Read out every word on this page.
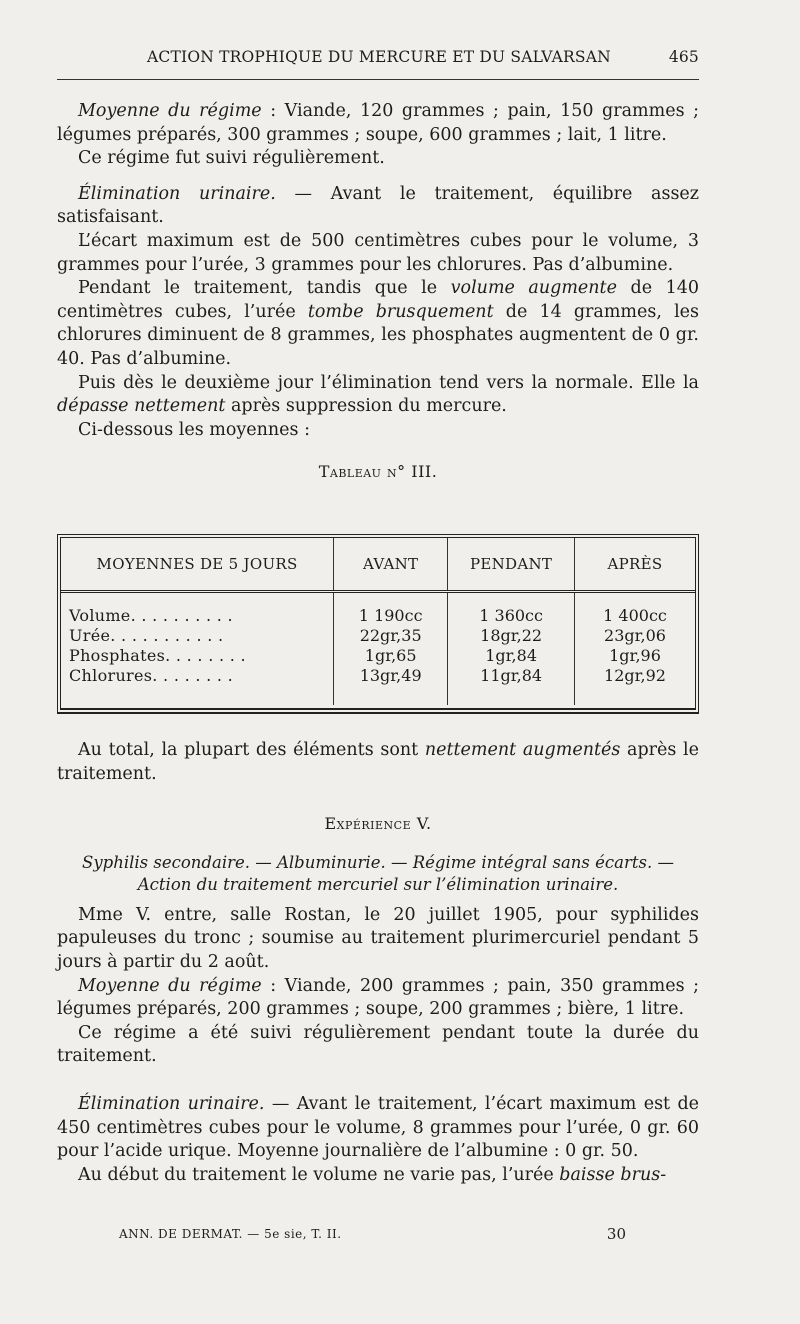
ACTION TROPHIQUE DU MERCURE ET DU SALVARSAN	465

Moyenne du régime : Viande, 120 grammes ; pain, 150 grammes ; légumes préparés, 300 grammes ; soupe, 600 grammes ; lait, 1 litre.

Ce régime fut suivi régulièrement.

Élimination urinaire. — Avant le traitement, équilibre assez satisfaisant.

L’écart maximum est de 500 centimètres cubes pour le volume, 3 grammes pour l’urée, 3 grammes pour les chlorures. Pas d’albumine.

Pendant le traitement, tandis que le volume augmente de 140 centimètres cubes, l’urée tombe brusquement de 14 grammes, les chlorures diminuent de 8 grammes, les phosphates augmentent de 0 gr. 40. Pas d’albumine.

Puis dès le deuxième jour l’élimination tend vers la normale. Elle la dépasse nettement après suppression du mercure.

Ci-dessous les moyennes :

Tableau n° III.

MOYENNES DE 5 JOURS	AVANT	PENDANT	APRÈS
Volume. . . . . . . . . .	1 190cc	1 360cc	1 400cc
Urée. . . . . . . . . . .	22gr,35	18gr,22	23gr,06
Phosphates. . . . . . . .	1gr,65	1gr,84	1gr,96
Chlorures. . . . . . . .	13gr,49	11gr,84	12gr,92

Au total, la plupart des éléments sont nettement augmentés après le traitement.

Expérience V.

Syphilis secondaire. — Albuminurie. — Régime intégral sans écarts. —
Action du traitement mercuriel sur l’élimination urinaire.

Mme V. entre, salle Rostan, le 20 juillet 1905, pour syphilides papuleuses du tronc ; soumise au traitement plurimercuriel pendant 5 jours à partir du 2 août.

Moyenne du régime : Viande, 200 grammes ; pain, 350 grammes ; légumes préparés, 200 grammes ; soupe, 200 grammes ; bière, 1 litre.

Ce régime a été suivi régulièrement pendant toute la durée du traitement.

Élimination urinaire. — Avant le traitement, l’écart maximum est de 450 centimètres cubes pour le volume, 8 grammes pour l’urée, 0 gr. 60 pour l’acide urique. Moyenne journalière de l’albumine : 0 gr. 50.

Au début du traitement le volume ne varie pas, l’urée baisse brus-

ANN. DE DERMAT. — 5e sie, T. II.	30
